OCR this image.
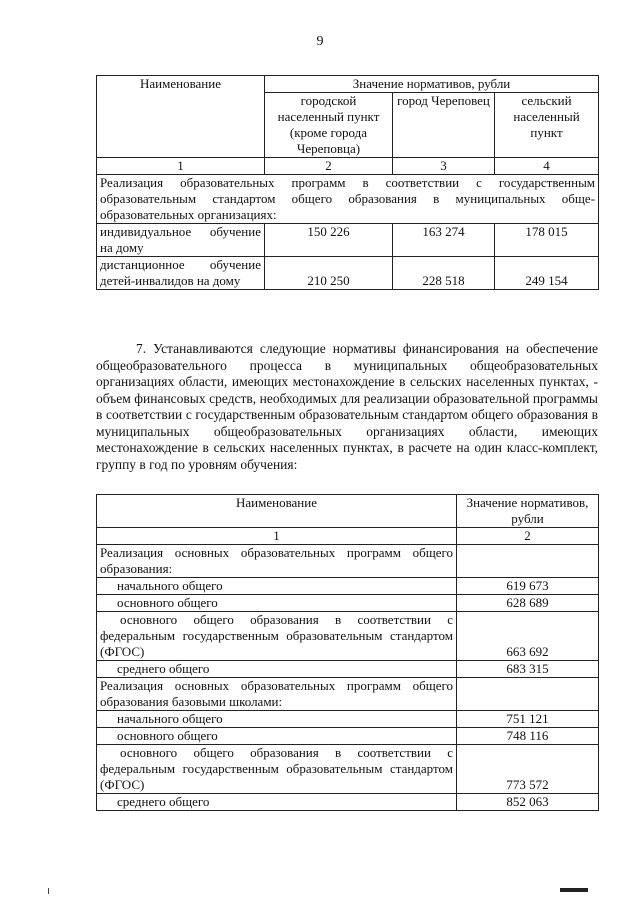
9
Наименование	Значение нормативов, рубли		
	городской населенный пункт (кроме города Череповца)	город Череповец	сельский населенный пункт
1	2	3	4
Реализация образовательных программ в соответствии с государственным образовательным стандартом общего образования в муниципальных обще-образовательных организациях:			
индивидуальное обучение на дому	150 226	163 274	178 015
дистанционное обучение детей-инвалидов на дому	210 250	228 518	249 154
7. Устанавливаются следующие нормативы финансирования на обеспечение общеобразовательного процесса в муниципальных общеобразовательных организациях области, имеющих местонахождение в сельских населенных пунктах, - объем финансовых средств, необходимых для реализации образовательной программы в соответствии с государственным образовательным стандартом общего образования в муниципальных общеобразовательных организациях области, имеющих местонахождение в сельских населенных пунктах, в расчете на один класс-комплект, группу в год по уровням обучения:
Наименование	Значение нормативов, рубли
1	2
Реализация основных образовательных программ общего образования:	
начального общего	619 673
основного общего	628 689
основного общего образования в соответствии с федеральным государственным образовательным стандартом (ФГОС)	663 692
среднего общего	683 315
Реализация основных образовательных программ общего образования базовыми школами:	
начального общего	751 121
основного общего	748 116
основного общего образования в соответствии с федеральным государственным образовательным стандартом (ФГОС)	773 572
среднего общего	852 063
